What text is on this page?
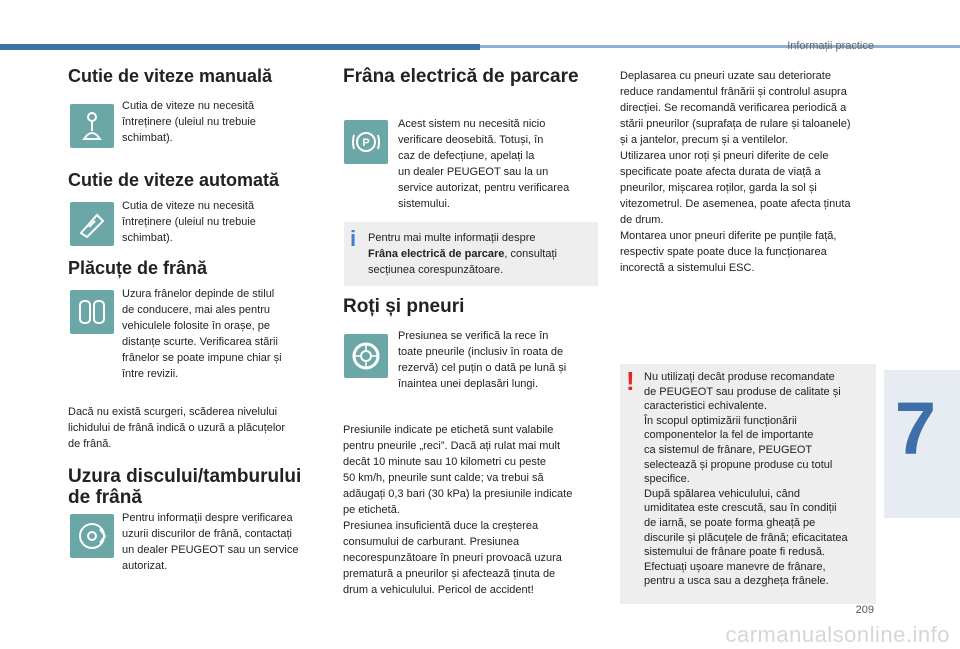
Informații practice
Cutie de viteze manuală
Cutia de viteze nu necesită
întreținere (uleiul nu trebuie
schimbat).
Cutie de viteze automată
Cutia de viteze nu necesită
întreținere (uleiul nu trebuie
schimbat).
Plăcuțe de frână
Uzura frânelor depinde de stilul
de conducere, mai ales pentru
vehiculele folosite în orașe, pe
distanțe scurte. Verificarea stării
frânelor se poate impune chiar și
între revizii.
Dacă nu există scurgeri, scăderea nivelului
lichidului de frână indică o uzură a plăcuțelor
de frână.
Uzura discului/tamburului
de frână
Pentru informații despre verificarea
uzurii discurilor de frână, contactați
un dealer PEUGEOT sau un service
autorizat.
Frâna electrică de parcare
P
Acest sistem nu necesită nicio
verificare deosebită. Totuși, în
caz de defecțiune, apelați la
un dealer PEUGEOT sau la un
service autorizat, pentru verificarea
sistemului.
i Pentru mai multe informații despre
Frâna electrică de parcare, consultați
secțiunea corespunzătoare.
Roți și pneuri
Presiunea se verifică la rece în
toate pneurile (inclusiv în roata de
rezervă) cel puțin o dată pe lună și
înaintea unei deplasări lungi.
Presiunile indicate pe etichetă sunt valabile
pentru pneurile „reci”. Dacă ați rulat mai mult
decât 10 minute sau 10 kilometri cu peste
50 km/h, pneurile sunt calde; va trebui să
adăugați 0,3 bari (30 kPa) la presiunile indicate
pe etichetă.
Presiunea insuficientă duce la creșterea
consumului de carburant. Presiunea
necorespunzătoare în pneuri provoacă uzura
prematură a pneurilor și afectează ținuta de
drum a vehiculului. Pericol de accident!
Deplasarea cu pneuri uzate sau deteriorate
reduce randamentul frânării și controlul asupra
direcției. Se recomandă verificarea periodică a
stării pneurilor (suprafața de rulare și taloanele)
și a jantelor, precum și a ventilelor.
Utilizarea unor roți și pneuri diferite de cele
specificate poate afecta durata de viață a
pneurilor, mișcarea roților, garda la sol și
vitezometrul. De asemenea, poate afecta ținuta
de drum.
Montarea unor pneuri diferite pe punțile față,
respectiv spate poate duce la funcționarea
incorectă a sistemului ESC.
! Nu utilizați decât produse recomandate
de PEUGEOT sau produse de calitate și
caracteristici echivalente.
În scopul optimizării funcționării
componentelor la fel de importante
ca sistemul de frânare, PEUGEOT
selectează și propune produse cu totul
specifice.
După spălarea vehiculului, când
umiditatea este crescută, sau în condiții
de iarnă, se poate forma gheață pe
discurile și plăcuțele de frână; eficacitatea
sistemului de frânare poate fi redusă.
Efectuați ușoare manevre de frânare,
pentru a usca sau a dezgheța frânele.
7
209
carmanualsonline.info
